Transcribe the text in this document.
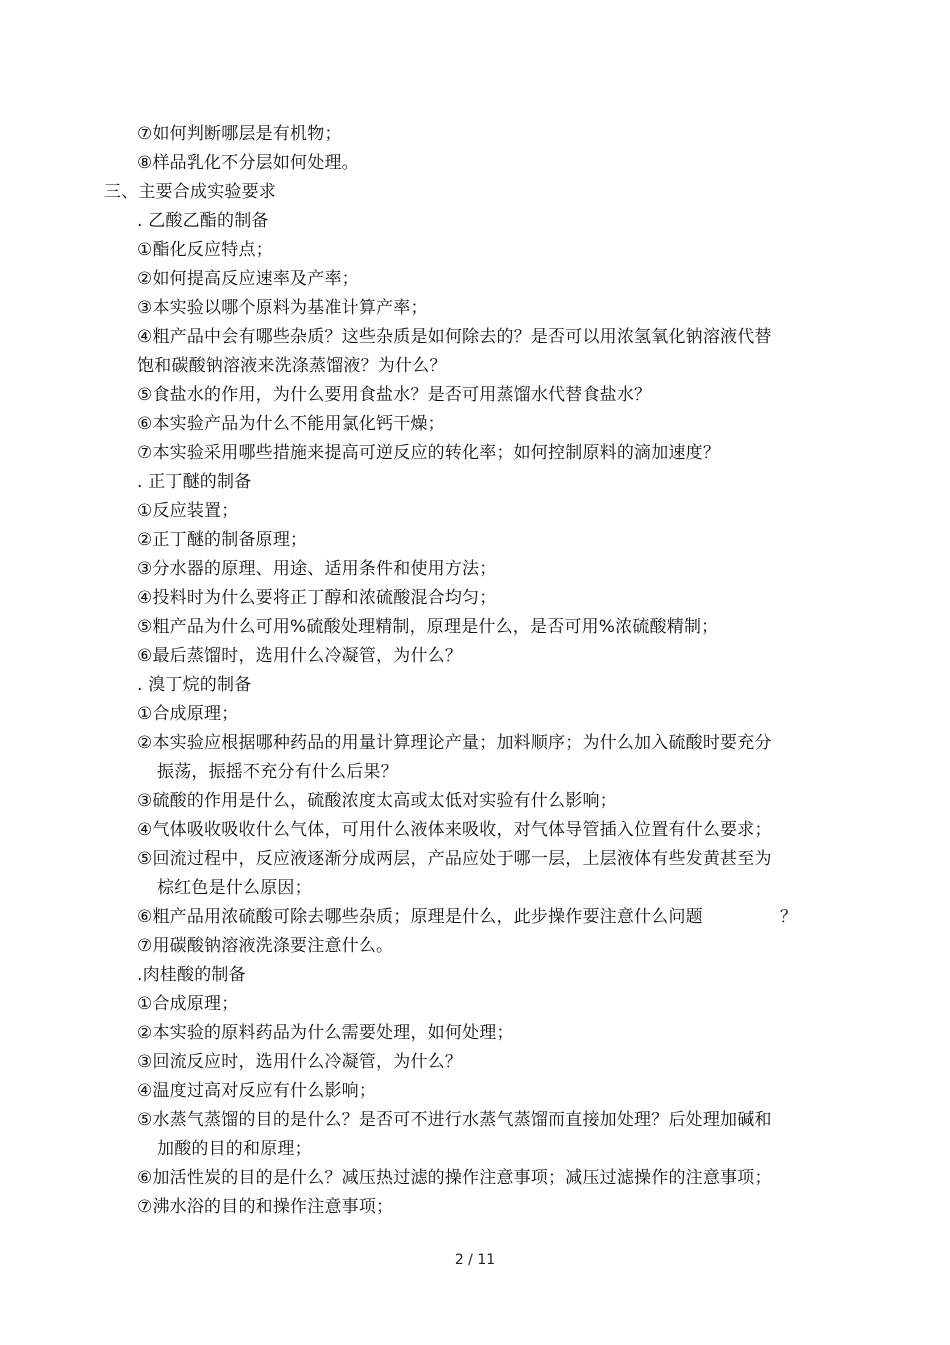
⑦如何判断哪层是有机物；
⑧样品乳化不分层如何处理。
三、主要合成实验要求
. 乙酸乙酯的制备
①酯化反应特点；
②如何提高反应速率及产率；
③本实验以哪个原料为基准计算产率；
④粗产品中会有哪些杂质？这些杂质是如何除去的？是否可以用浓氢氧化钠溶液代替
饱和碳酸钠溶液来洗涤蒸馏液？为什么？
⑤食盐水的作用，为什么要用食盐水？是否可用蒸馏水代替食盐水？
⑥本实验产品为什么不能用氯化钙干燥；
⑦本实验采用哪些措施来提高可逆反应的转化率；如何控制原料的滴加速度？
. 正丁醚的制备
①反应装置；
②正丁醚的制备原理；
③分水器的原理、用途、适用条件和使用方法；
④投料时为什么要将正丁醇和浓硫酸混合均匀；
⑤粗产品为什么可用%硫酸处理精制，原理是什么，是否可用%浓硫酸精制；
⑥最后蒸馏时，选用什么冷凝管，为什么？
. 溴丁烷的制备
①合成原理；
②本实验应根据哪种药品的用量计算理论产量；加料顺序；为什么加入硫酸时要充分
振荡，振摇不充分有什么后果？
③硫酸的作用是什么，硫酸浓度太高或太低对实验有什么影响；
④气体吸收吸收什么气体，可用什么液体来吸收，对气体导管插入位置有什么要求；
⑤回流过程中，反应液逐渐分成两层，产品应处于哪一层，上层液体有些发黄甚至为
棕红色是什么原因；
⑥粗产品用浓硫酸可除去哪些杂质；原理是什么，此步操作要注意什么问题	？
⑦用碳酸钠溶液洗涤要注意什么。
.肉桂酸的制备
①合成原理；
②本实验的原料药品为什么需要处理，如何处理；
③回流反应时，选用什么冷凝管，为什么？
④温度过高对反应有什么影响；
⑤水蒸气蒸馏的目的是什么？是否可不进行水蒸气蒸馏而直接加处理？后处理加碱和
加酸的目的和原理；
⑥加活性炭的目的是什么？减压热过滤的操作注意事项；减压过滤操作的注意事项；
⑦沸水浴的目的和操作注意事项；
2 / 11
